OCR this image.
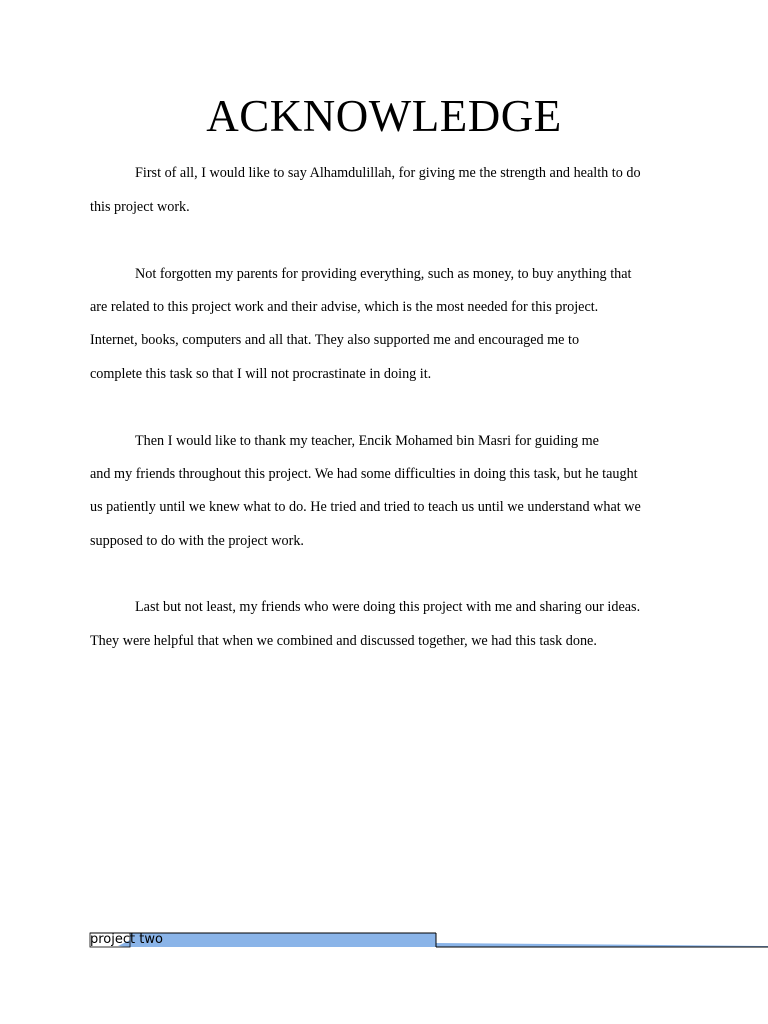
ACKNOWLEDGE
First of all, I would like to say Alhamdulillah, for giving me the strength and health to do
this project work.
Not forgotten my parents for providing everything, such as money, to buy anything that
are related to this project work and their advise, which is the most needed for this project.
Internet, books, computers and all that. They also supported me and encouraged me to
complete this task so that I will not procrastinate in doing it.
Then I would like to thank my teacher, Encik Mohamed bin Masri for guiding me
and my friends throughout this project. We had some difficulties in doing this task, but he taught
us patiently until we knew what to do. He tried and tried to teach us until we understand what we
supposed to do with the project work.
Last but not least, my friends who were doing this project with me and sharing our ideas.
They were helpful that when we combined and discussed together, we had this task done.
project two
